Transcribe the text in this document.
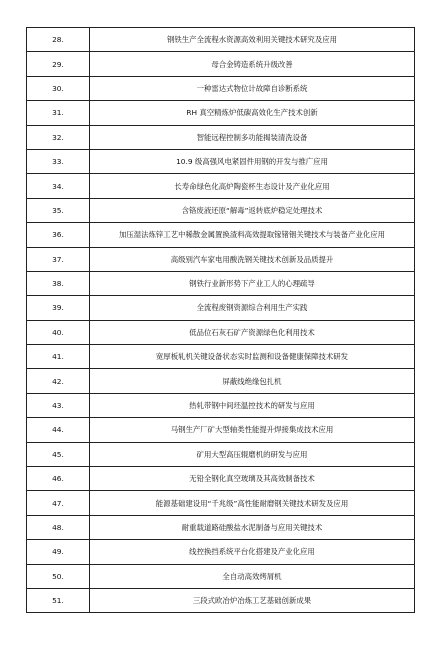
28.	钢铁生产全流程水资源高效利用关键技术研究及应用
29.	母合金铸造系统升级改善
30.	一种雷达式物位计故障自诊断系统
31.	RH 真空精炼炉低碳高效化生产技术创新
32.	智能远程控制多功能揭装清洗设备
33.	10.9 级高强风电紧固件用钢的开发与推广应用
34.	长寿命绿色化高炉陶瓷杯生态设计及产业化应用
35.	含铬废液还原“解毒”返转底炉稳定处理技术
36.	加压湿法炼锌工艺中稀散金属置换渣料高效提取镓锗铟关键技术与装备产业化应用
37.	高级别汽车家电用酸洗钢关键技术创新及品质提升
38.	钢铁行业新形势下产业工人的心理疏导
39.	全流程废钢资源综合利用生产实践
40.	低品位石灰石矿产资源绿色化利用技术
41.	宽厚板轧机关键设备状态实时监测和设备健康保障技术研发
42.	屏蔽线绝缘包扎机
43.	热轧带钢中间坯温控技术的研发与应用
44.	马钢生产厂矿大型轴类性能提升焊接集成技术应用
45.	矿用大型高压辊磨机的研发与应用
46.	无铅全钢化真空玻璃及其高效制备技术
47.	能源基础建设用“千兆级”高性能耐磨钢关键技术研发及应用
48.	耐重载道路硅酸盐水泥制备与应用关键技术
49.	线控换挡系统平台化搭建及产业化应用
50.	全自动高效烤屑机
51.	三段式欧冶炉冶炼工艺基础创新成果
